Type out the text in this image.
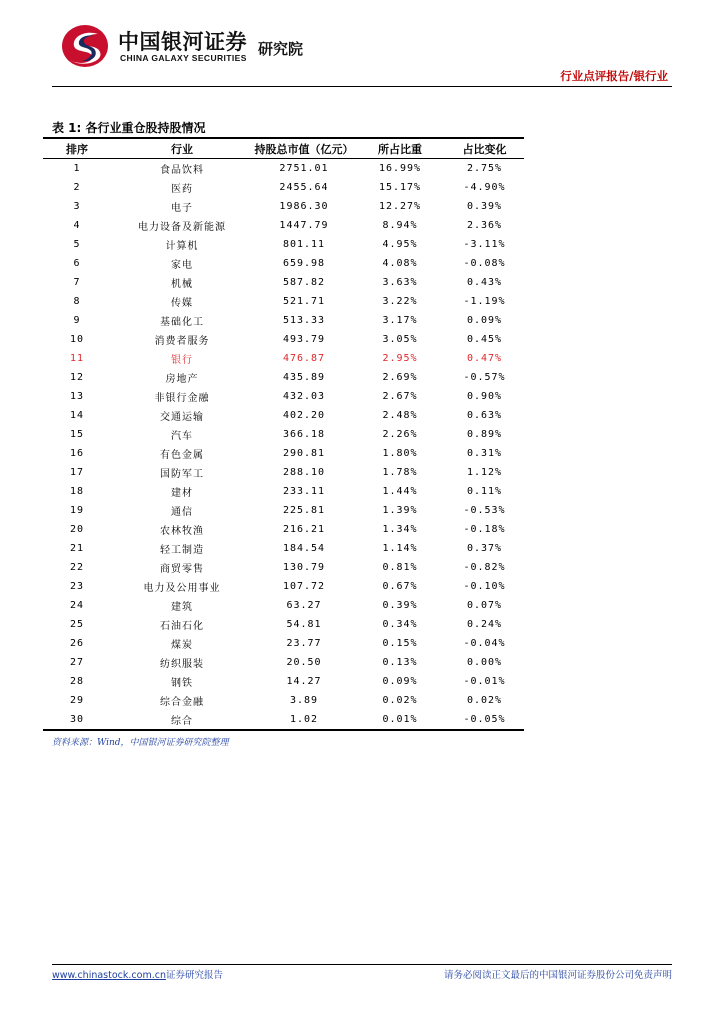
中国银河证券
CHINA GALAXY SECURITIES 研究院
行业点评报告/银行业
表 1: 各行业重仓股持股情况
排序	行业	持股总市值（亿元）	所占比重	占比变化
1	食品饮料	2751.01	16.99%	2.75%
2	医药	2455.64	15.17%	-4.90%
3	电子	1986.30	12.27%	0.39%
4	电力设备及新能源	1447.79	8.94%	2.36%
5	计算机	801.11	4.95%	-3.11%
6	家电	659.98	4.08%	-0.08%
7	机械	587.82	3.63%	0.43%
8	传媒	521.71	3.22%	-1.19%
9	基础化工	513.33	3.17%	0.09%
10	消费者服务	493.79	3.05%	0.45%
11	银行	476.87	2.95%	0.47%
12	房地产	435.89	2.69%	-0.57%
13	非银行金融	432.03	2.67%	0.90%
14	交通运输	402.20	2.48%	0.63%
15	汽车	366.18	2.26%	0.89%
16	有色金属	290.81	1.80%	0.31%
17	国防军工	288.10	1.78%	1.12%
18	建材	233.11	1.44%	0.11%
19	通信	225.81	1.39%	-0.53%
20	农林牧渔	216.21	1.34%	-0.18%
21	轻工制造	184.54	1.14%	0.37%
22	商贸零售	130.79	0.81%	-0.82%
23	电力及公用事业	107.72	0.67%	-0.10%
24	建筑	63.27	0.39%	0.07%
25	石油石化	54.81	0.34%	0.24%
26	煤炭	23.77	0.15%	-0.04%
27	纺织服装	20.50	0.13%	0.00%
28	钢铁	14.27	0.09%	-0.01%
29	综合金融	3.89	0.02%	0.02%
30	综合	1.02	0.01%	-0.05%
资料来源：Wind，中国银河证券研究院整理
www.chinastock.com.cn证券研究报告	请务必阅读正文最后的中国银河证券股份公司免责声明
